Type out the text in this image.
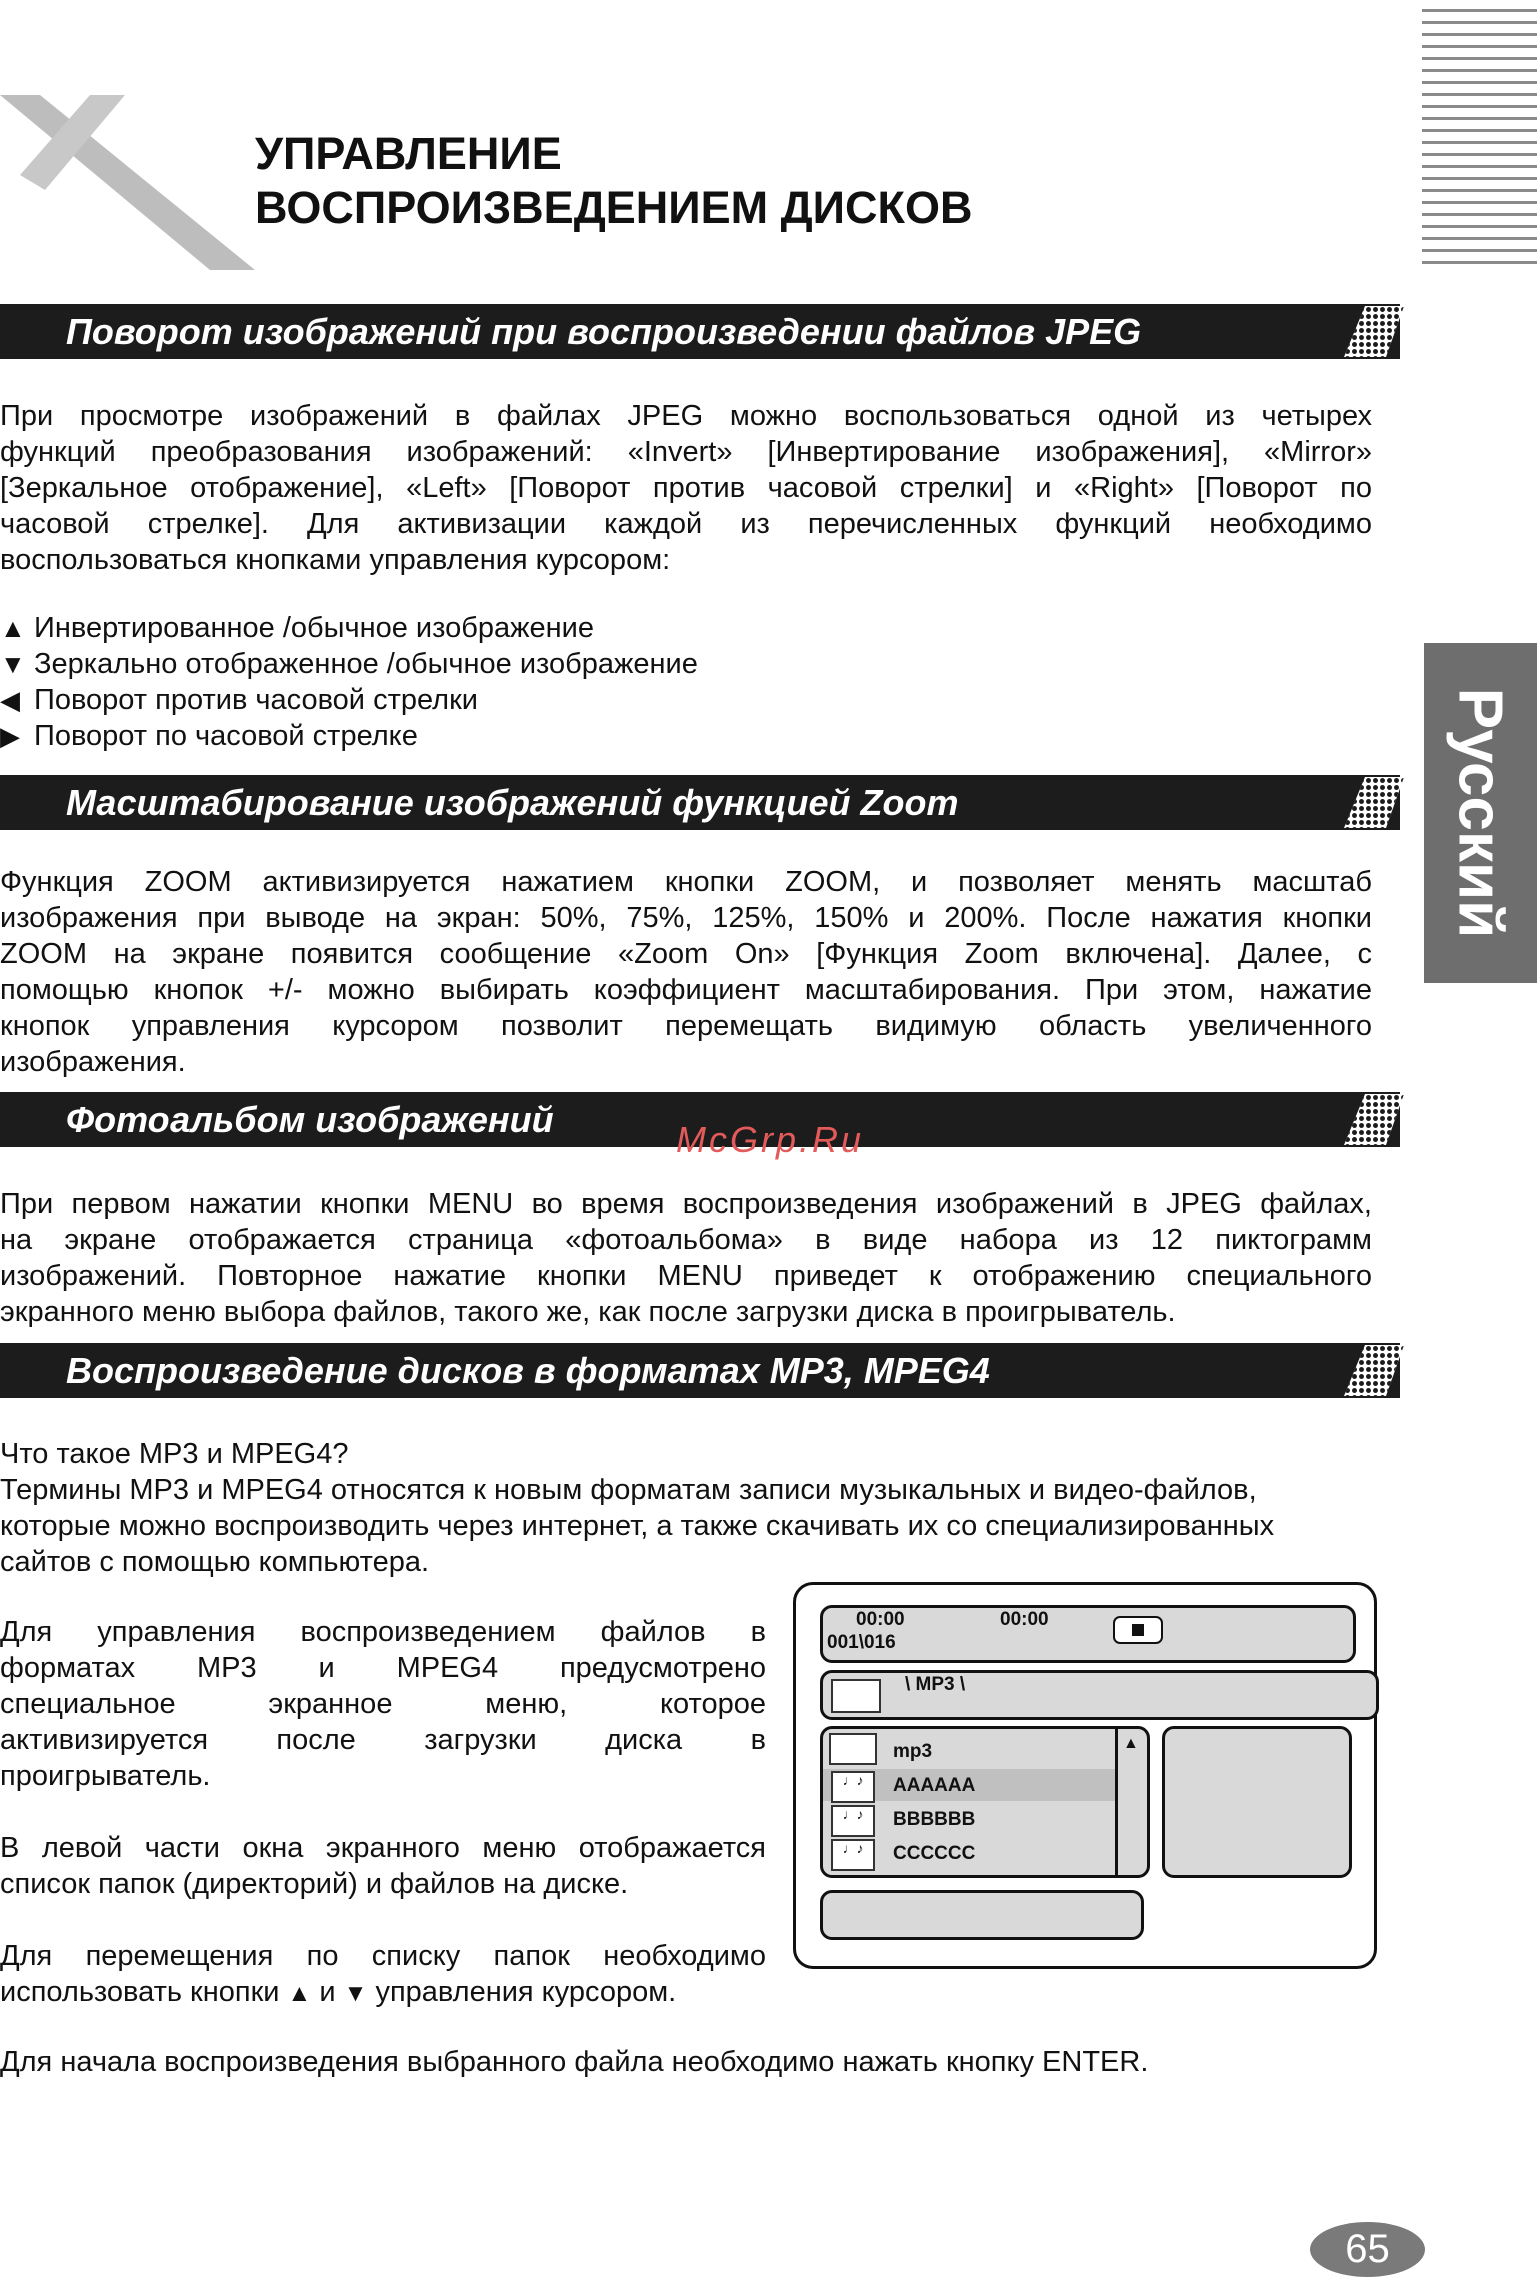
УПРАВЛЕНИЕ
ВОСПРОИЗВЕДЕНИЕМ ДИСКОВ
Поворот изображений при воспроизведении файлов JPEG
При просмотре изображений в файлах JPEG можно воспользоваться одной из четырех
функций преобразования изображений: «Invert» [Инвертирование изображения], «Mirror»
[Зеркальное отображение], «Left» [Поворот против часовой стрелки] и «Right» [Поворот по
часовой стрелке]. Для активизации каждой из перечисленных функций необходимо
воспользоваться кнопками управления курсором:
▲ Инвертированное /обычное изображение
▼ Зеркально отображенное /обычное изображение
◀ Поворот против часовой стрелки
▶ Поворот по часовой стрелке
Масштабирование изображений функцией Zoom
Функция ZOOM активизируется нажатием кнопки ZOOM, и позволяет менять масштаб
изображения при выводе на экран: 50%, 75%, 125%, 150% и 200%. После нажатия кнопки
ZOOM на экране появится сообщение «Zoom On» [Функция Zoom включена]. Далее, с
помощью кнопок +/- можно выбирать коэффициент масштабирования. При этом, нажатие
кнопок управления курсором позволит перемещать видимую область увеличенного
изображения.
Фотоальбом изображений	McGrp.Ru
При первом нажатии кнопки MENU во время воспроизведения изображений в JPEG файлах,
на экране отображается страница «фотоальбома» в виде набора из 12 пиктограмм
изображений. Повторное нажатие кнопки MENU приведет к отображению специального
экранного меню выбора файлов, такого же, как после загрузки диска в проигрыватель.
Воспроизведение дисков в форматах MP3, MPEG4
Что такое MP3 и MPEG4?
Термины MP3 и MPEG4 относятся к новым форматам записи музыкальных и видео-файлов,
которые можно воспроизводить через интернет, а также скачивать их со специализированных
сайтов с помощью компьютера.
Для управления воспроизведением файлов в
форматах MP3 и MPEG4 предусмотрено
специальное экранное меню, которое
активизируется после загрузки диска в
проигрыватель.
В левой части окна экранного меню отображается
список папок (директорий) и файлов на диске.
Для перемещения по списку папок необходимо
использовать кнопки ▲ и ▼ управления курсором.
Для начала воспроизведения выбранного файла необходимо нажать кнопку ENTER.
00:00	00:00
001\016
\ MP3 \
mp3
♩♪	AAAAAA
♩♪	BBBBBB
♩♪	CCCCCC
▲
Русский
65
